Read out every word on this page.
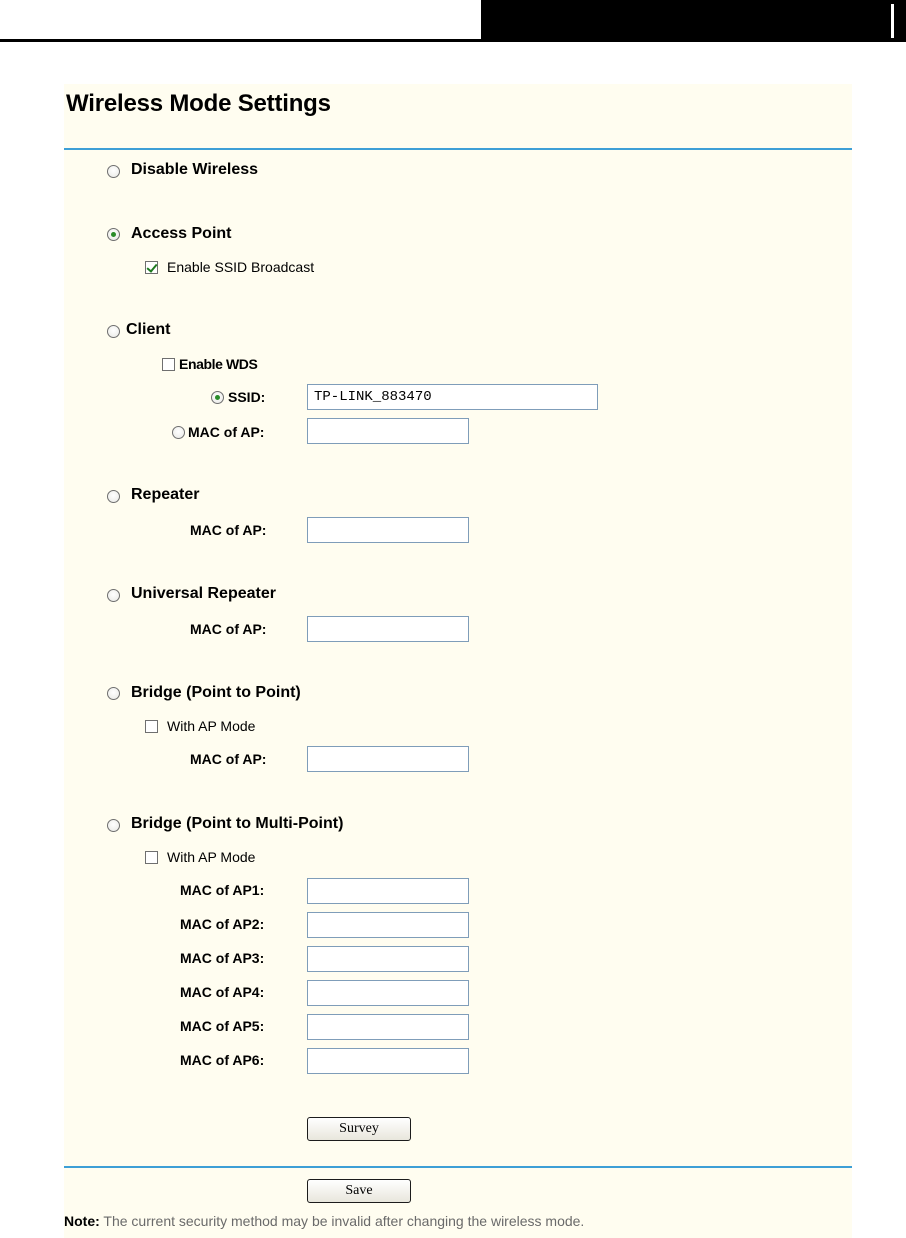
Wireless Mode Settings
Disable Wireless
Access Point
Enable SSID Broadcast
Client
Enable WDS
SSID:
TP-LINK_883470
MAC of AP:
Repeater
MAC of AP:
Universal Repeater
MAC of AP:
Bridge (Point to Point)
With AP Mode
MAC of AP:
Bridge (Point to Multi-Point)
With AP Mode
MAC of AP1:
MAC of AP2:
MAC of AP3:
MAC of AP4:
MAC of AP5:
MAC of AP6:
Survey
Save
Note: The current security method may be invalid after changing the wireless mode.
